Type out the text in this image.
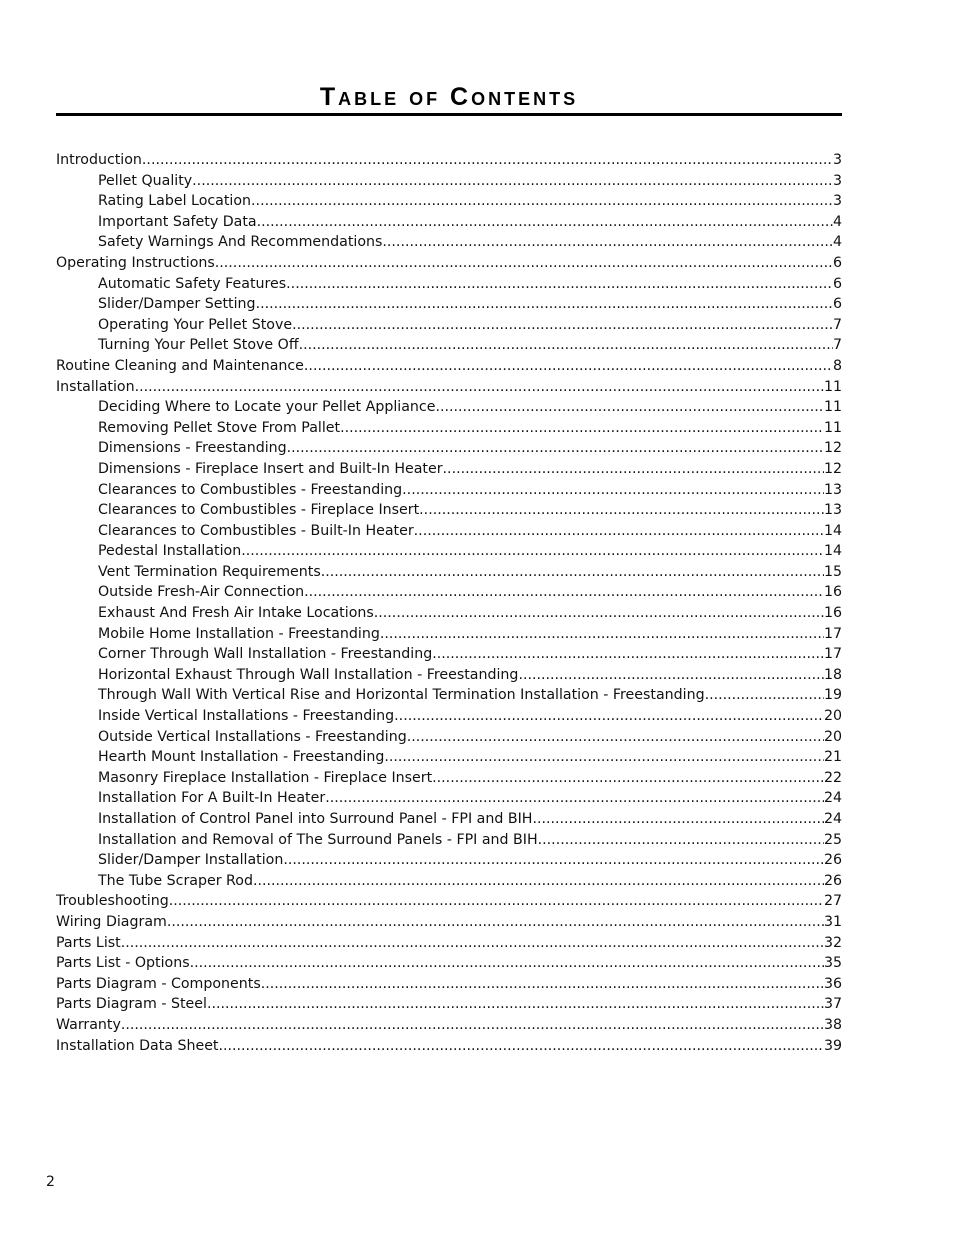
Table of Contents
Introduction .....	3
Pellet Quality .....	3
Rating Label Location .....	3
Important Safety Data .....	4
Safety Warnings And Recommendations .....	4
Operating Instructions .....	6
Automatic Safety Features .....	6
Slider/Damper Setting .....	6
Operating Your Pellet Stove .....	7
Turning Your Pellet Stove Off .....	7
Routine Cleaning and Maintenance .....	8
Installation .....	11
Deciding Where to Locate your Pellet Appliance .....	11
Removing Pellet Stove From Pallet .....	11
Dimensions - Freestanding .....	12
Dimensions - Fireplace Insert and Built-In Heater .....	12
Clearances to Combustibles - Freestanding .....	13
Clearances to Combustibles - Fireplace Insert .....	13
Clearances to Combustibles - Built-In Heater .....	14
Pedestal Installation .....	14
Vent Termination Requirements .....	15
Outside Fresh-Air Connection .....	16
Exhaust And Fresh Air Intake Locations .....	16
Mobile Home Installation - Freestanding .....	17
Corner Through Wall Installation - Freestanding .....	17
Horizontal Exhaust Through Wall Installation - Freestanding .....	18
Through Wall With Vertical Rise and Horizontal Termination Installation - Freestanding .....	19
Inside Vertical Installations - Freestanding .....	20
Outside Vertical Installations - Freestanding .....	20
Hearth Mount Installation - Freestanding .....	21
Masonry Fireplace Installation - Fireplace Insert .....	22
Installation For A Built-In Heater .....	24
Installation of Control Panel into Surround Panel - FPI and BIH .....	24
Installation and Removal of The Surround Panels - FPI and BIH .....	25
Slider/Damper Installation .....	26
The Tube Scraper Rod .....	26
Troubleshooting .....	27
Wiring Diagram .....	31
Parts List .....	32
Parts List - Options .....	35
Parts Diagram - Components .....	36
Parts Diagram - Steel .....	37
Warranty .....	38
Installation Data Sheet .....	39
2
